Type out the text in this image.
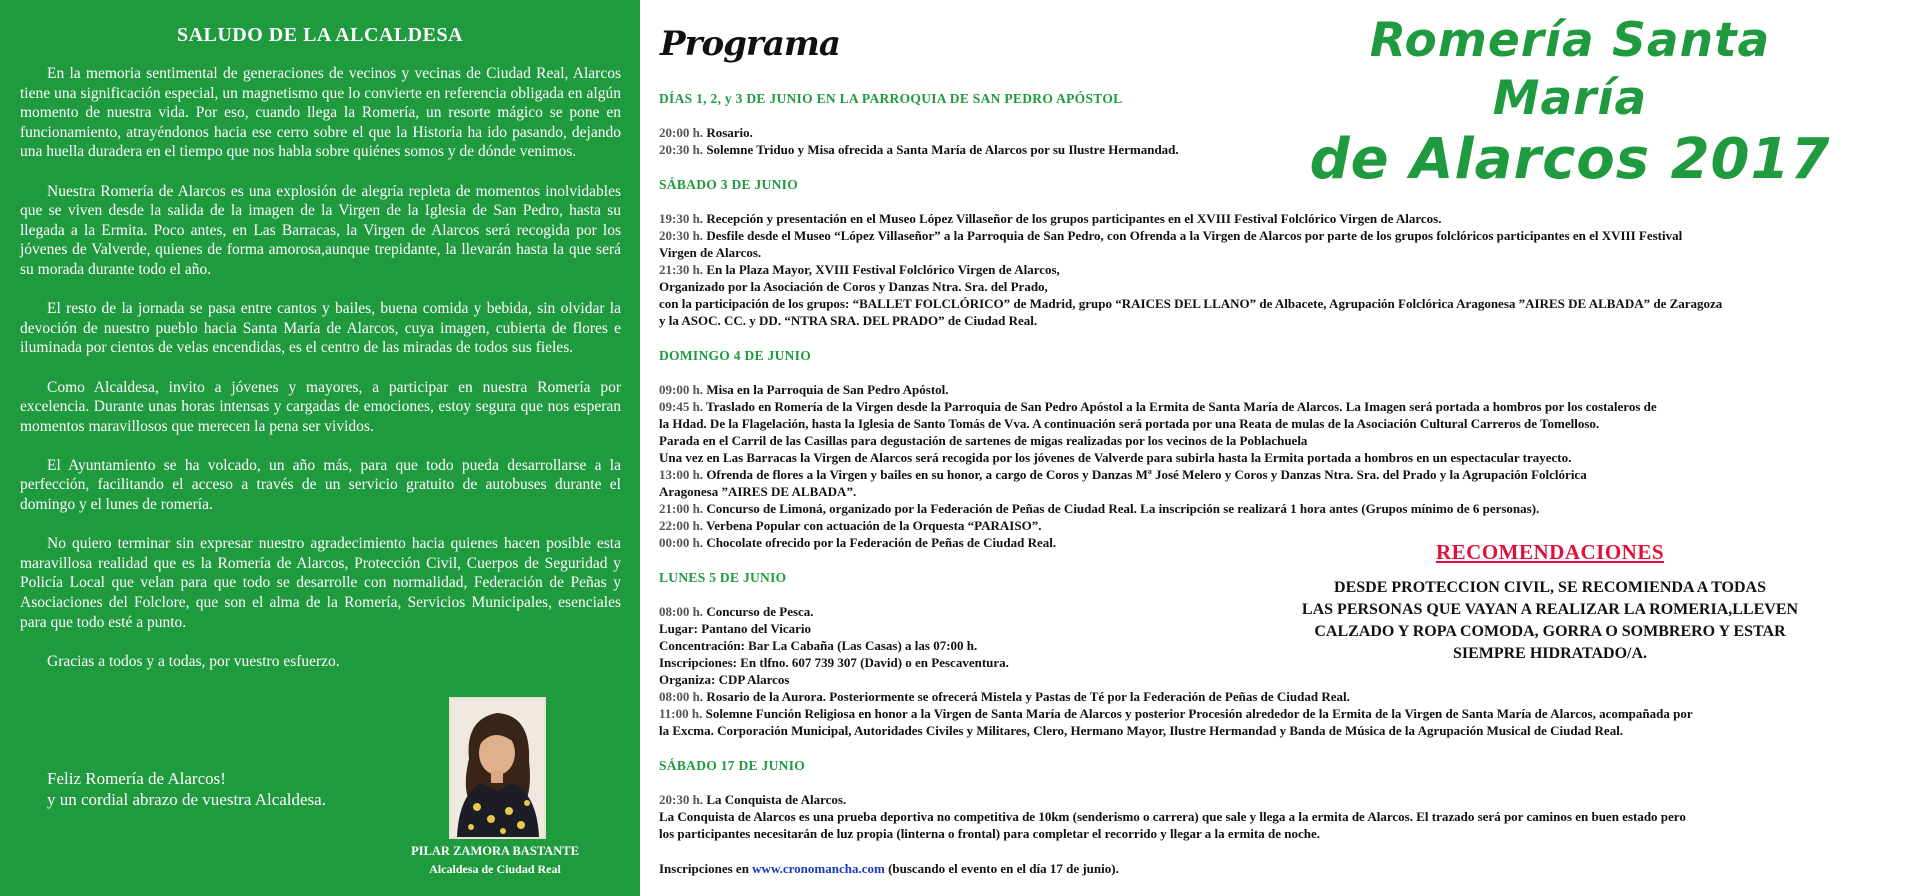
SALUDO DE LA ALCALDESA

En la memoria sentimental de generaciones de vecinos y vecinas de Ciudad Real, Alarcos tiene una significación especial, un magnetismo que lo convierte en referencia obligada en algún momento de nuestra vida. Por eso, cuando llega la Romería, un resorte mágico se pone en funcionamiento, atrayéndonos hacia ese cerro sobre el que la Historia ha ido pasando, dejando una huella duradera en el tiempo que nos habla sobre quiénes somos y de dónde venimos.

Nuestra Romería de Alarcos es una explosión de alegría repleta de momentos inolvidables que se viven desde la salida de la imagen de la Virgen de la Iglesia de San Pedro, hasta su llegada a la Ermita. Poco antes, en Las Barracas, la Virgen de Alarcos será recogida por los jóvenes de Valverde, quienes de forma amorosa,aunque trepidante, la llevarán hasta la que será su morada durante todo el año.

El resto de la jornada se pasa entre cantos y bailes, buena comida y bebida, sin olvidar la devoción de nuestro pueblo hacia Santa María de Alarcos, cuya imagen, cubierta de flores e iluminada por cientos de velas encendidas, es el centro de las miradas de todos sus fieles.

Como Alcaldesa, invito a jóvenes y mayores, a participar en nuestra Romería por excelencia. Durante unas horas intensas y cargadas de emociones, estoy segura que nos esperan momentos maravillosos que merecen la pena ser vividos.

El Ayuntamiento se ha volcado, un año más, para que todo pueda desarrollarse a la perfección, facilitando el acceso a través de un servicio gratuito de autobuses durante el domingo y el lunes de romería.

No quiero terminar sin expresar nuestro agradecimiento hacia quienes hacen posible esta maravillosa realidad que es la Romería de Alarcos, Protección Civil, Cuerpos de Seguridad y Policía Local que velan para que todo se desarrolle con normalidad, Federación de Peñas y Asociaciones del Folclore, que son el alma de la Romería, Servicios Municipales, esenciales para que todo esté a punto.

Gracias a todos y a todas, por vuestro esfuerzo.

Feliz Romería de Alarcos!
y un cordial abrazo de vuestra Alcaldesa.
PILAR ZAMORA BASTANTE
Alcaldesa de Ciudad Real
Programa	Romería Santa María
de Alarcos 2017
DÍAS 1, 2, y 3 DE JUNIO EN LA PARROQUIA DE SAN PEDRO APÓSTOL

20:00 h. Rosario.

20:30 h. Solemne Triduo y Misa ofrecida a Santa María de Alarcos por su Ilustre Hermandad.

SÁBADO 3 DE JUNIO

19:30 h. Recepción y presentación en el Museo López Villaseñor de los grupos participantes en el XVIII Festival Folclórico Virgen de Alarcos.

20:30 h. Desfile desde el Museo “López Villaseñor” a la Parroquia de San Pedro, con Ofrenda a la Virgen de Alarcos por parte de los grupos folclóricos participantes en el XVIII Festival

Virgen de Alarcos.

21:30 h. En la Plaza Mayor, XVIII Festival Folclórico Virgen de Alarcos,

Organizado por la Asociación de Coros y Danzas Ntra. Sra. del Prado,

con la participación de los grupos: “BALLET FOLCLÓRICO” de Madrid, grupo “RAICES DEL LLANO” de Albacete, Agrupación Folclórica Aragonesa ”AIRES DE ALBADA” de Zaragoza

y la ASOC. CC. y DD. “NTRA SRA. DEL PRADO” de Ciudad Real.

DOMINGO 4 DE JUNIO

09:00 h. Misa en la Parroquia de San Pedro Apóstol.

09:45 h. Traslado en Romería de la Virgen desde la Parroquia de San Pedro Apóstol a la Ermita de Santa María de Alarcos. La Imagen será portada a hombros por los costaleros de

la Hdad. De la Flagelación, hasta la Iglesia de Santo Tomás de Vva. A continuación será portada por una Reata de mulas de la Asociación Cultural Carreros de Tomelloso.

Parada en el Carril de las Casillas para degustación de sartenes de migas realizadas por los vecinos de la Poblachuela

Una vez en Las Barracas la Virgen de Alarcos será recogida por los jóvenes de Valverde para subirla hasta la Ermita portada a hombros en un espectacular trayecto.

13:00 h. Ofrenda de flores a la Virgen y bailes en su honor, a cargo de Coros y Danzas Mª José Melero y Coros y Danzas Ntra. Sra. del Prado y la Agrupación Folclórica

Aragonesa ”AIRES DE ALBADA”.

21:00 h. Concurso de Limoná, organizado por la Federación de Peñas de Ciudad Real. La inscripción se realizará 1 hora antes (Grupos mínimo de 6 personas).

22:00 h. Verbena Popular con actuación de la Orquesta “PARAISO”.

00:00 h. Chocolate ofrecido por la Federación de Peñas de Ciudad Real.

LUNES 5 DE JUNIO

08:00 h. Concurso de Pesca.

Lugar: Pantano del Vicario

Concentración: Bar La Cabaña (Las Casas) a las 07:00 h.

Inscripciones: En tlfno. 607 739 307 (David) o en Pescaventura.

Organiza: CDP Alarcos

08:00 h. Rosario de la Aurora. Posteriormente se ofrecerá Mistela y Pastas de Té por la Federación de Peñas de Ciudad Real.

11:00 h. Solemne Función Religiosa en honor a la Virgen de Santa María de Alarcos y posterior Procesión alrededor de la Ermita de la Virgen de Santa María de Alarcos, acompañada por

la Excma. Corporación Municipal, Autoridades Civiles y Militares, Clero, Hermano Mayor, Ilustre Hermandad y Banda de Música de la Agrupación Musical de Ciudad Real.

SÁBADO 17 DE JUNIO

20:30 h. La Conquista de Alarcos.

La Conquista de Alarcos es una prueba deportiva no competitiva de 10km (senderismo o carrera) que sale y llega a la ermita de Alarcos. El trazado será por caminos en buen estado pero

los participantes necesitarán de luz propia (linterna o frontal) para completar el recorrido y llegar a la ermita de noche.

Inscripciones en www.cronomancha.com (buscando el evento en el día 17 de junio).

RECOMENDACIONES
DESDE PROTECCION CIVIL, SE RECOMIENDA A TODAS
LAS PERSONAS QUE VAYAN A REALIZAR LA ROMERIA,LLEVEN
CALZADO Y ROPA COMODA, GORRA O SOMBRERO Y ESTAR
SIEMPRE HIDRATADO/A.
